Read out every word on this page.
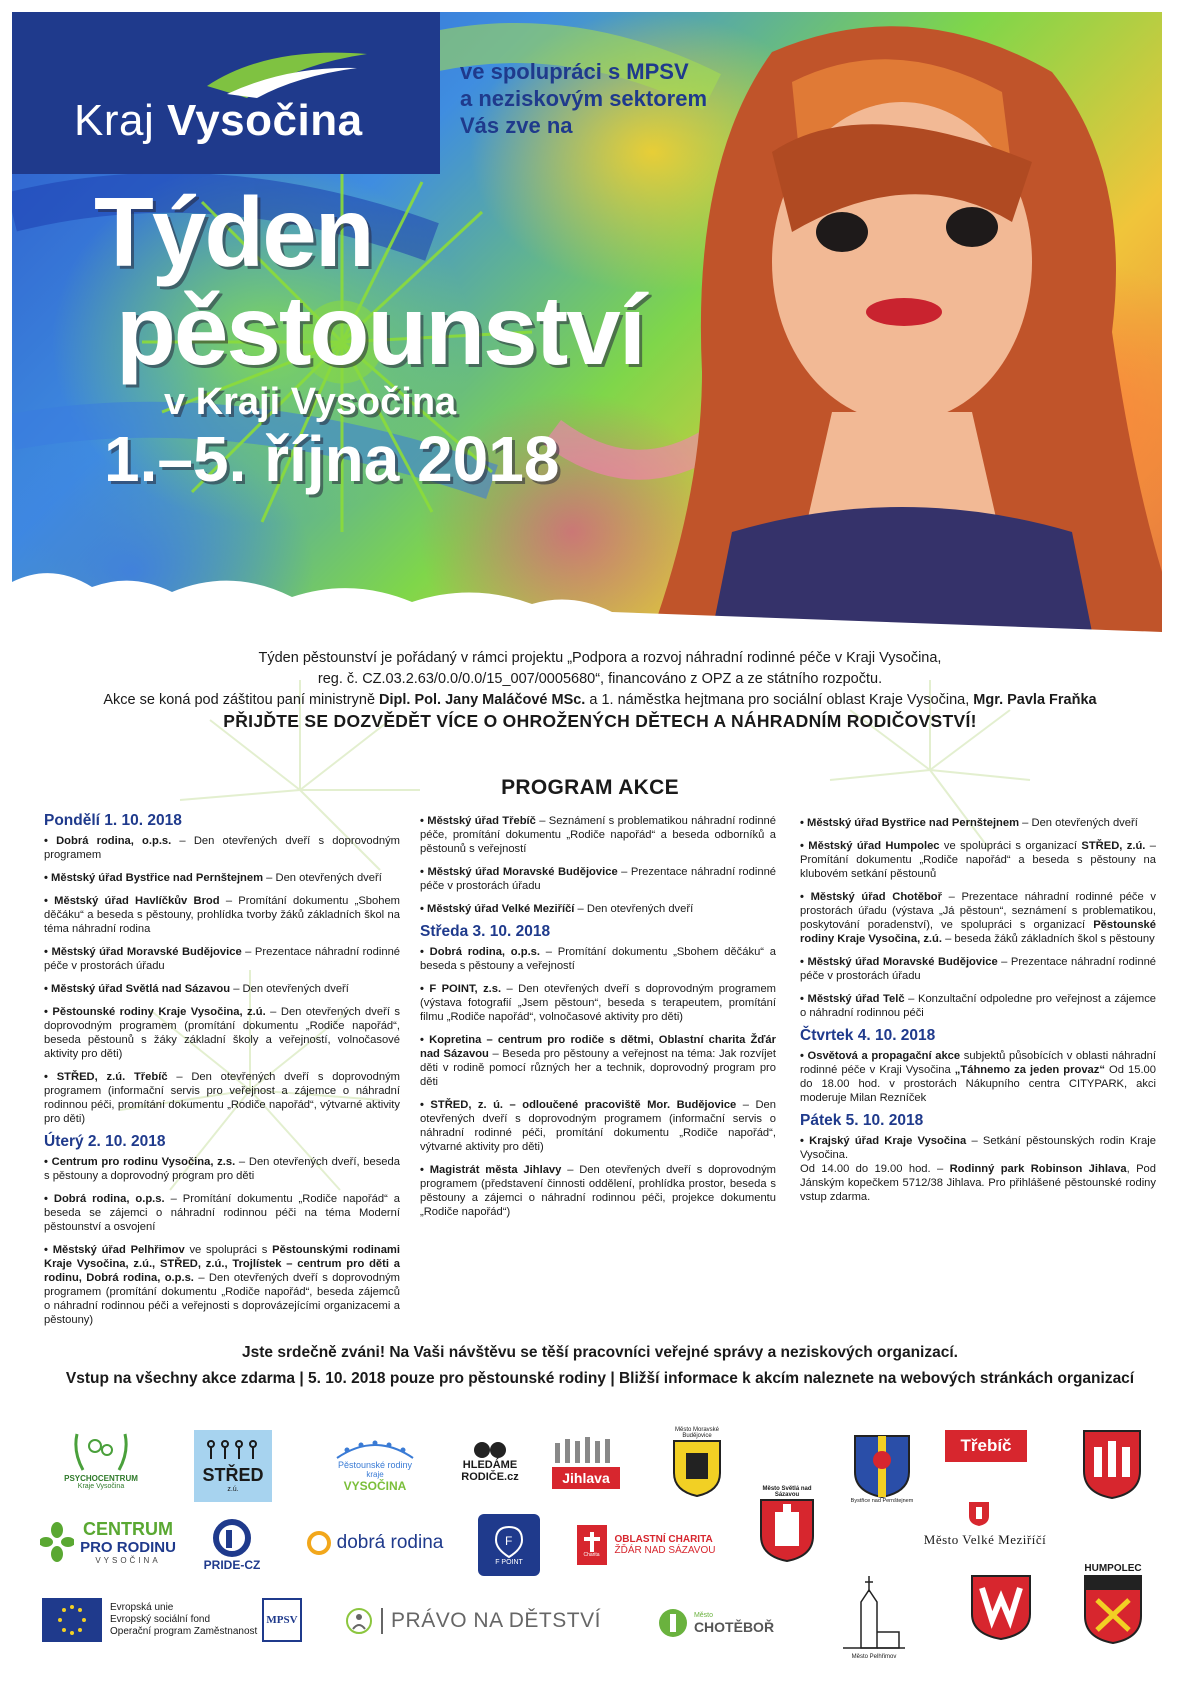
Kraj Vysočina
ve spolupráci s MPSV
a neziskovým sektorem
Vás zve na
Týden
pěstounství
v Kraji Vysočina
1.–5. října 2018

Týden pěstounství je pořádaný v rámci projektu „Podpora a rozvoj náhradní rodinné péče v Kraji Vysočina,

reg. č. CZ.03.2.63/0.0/0.0/15_007/0005680“, financováno z OPZ a ze státního rozpočtu.

Akce se koná pod záštitou paní ministryně Dipl. Pol. Jany Maláčové MSc. a 1. náměstka hejtmana pro sociální oblast Kraje Vysočina, Mgr. Pavla Fraňka

PŘIJĎTE SE DOZVĚDĚT VÍCE O OHROŽENÝCH DĚTECH A NÁHRADNÍM RODIČOVSTVÍ!

PROGRAM AKCE
Pondělí 1. 10. 2018
• Dobrá rodina, o.p.s. – Den otevřených dveří s doprovodným programem
• Městský úřad Bystřice nad Pernštejnem – Den otevřených dveří
• Městský úřad Havlíčkův Brod – Promítání dokumentu „Sbohem děčáku“ a beseda s pěstouny, prohlídka tvorby žáků základních škol na téma náhradní rodina
• Městský úřad Moravské Budějovice – Prezentace náhradní rodinné péče v prostorách úřadu
• Městský úřad Světlá nad Sázavou – Den otevřených dveří
• Pěstounské rodiny Kraje Vysočina, z.ú. – Den otevřených dveří s doprovodným programem (promítání dokumentu „Rodiče napořád“, beseda pěstounů s žáky základní školy a veřejností, volnočasové aktivity pro děti)
• STŘED, z.ú. Třebíč – Den otevřených dveří s doprovodným programem (informační servis pro veřejnost a zájemce o náhradní rodinnou péči, promítání dokumentu „Rodiče napořád“, výtvarné aktivity pro děti)
Úterý 2. 10. 2018
• Centrum pro rodinu Vysočina, z.s. – Den otevřených dveří, beseda s pěstouny a doprovodný program pro děti
• Dobrá rodina, o.p.s. – Promítání dokumentu „Rodiče napořád“ a beseda se zájemci o náhradní rodinnou péči na téma Moderní pěstounství a osvojení
• Městský úřad Pelhřimov ve spolupráci s Pěstounskými rodinami Kraje Vysočina, z.ú., STŘED, z.ú., Trojlístek – centrum pro děti a rodinu, Dobrá rodina, o.p.s. – Den otevřených dveří s doprovodným programem (promítání dokumentu „Rodiče napořád“, beseda zájemců o náhradní rodinnou péči a veřejnosti s doprovázejícími organizacemi a pěstouny)
• Městský úřad Třebíč – Seznámení s problematikou náhradní rodinné péče, promítání dokumentu „Rodiče napořád“ a beseda odborníků a pěstounů s veřejností
• Městský úřad Moravské Budějovice – Prezentace náhradní rodinné péče v prostorách úřadu
• Městský úřad Velké Meziříčí – Den otevřených dveří
Středa 3. 10. 2018
• Dobrá rodina, o.p.s. – Promítání dokumentu „Sbohem děčáku“ a beseda s pěstouny a veřejností
• F POINT, z.s. – Den otevřených dveří s doprovodným programem (výstava fotografií „Jsem pěstoun“, beseda s terapeutem, promítání filmu „Rodiče napořád“, volnočasové aktivity pro děti)
• Kopretina – centrum pro rodiče s dětmi, Oblastní charita Žďár nad Sázavou – Beseda pro pěstouny a veřejnost na téma: Jak rozvíjet děti v rodině pomocí různých her a technik, doprovodný program pro děti
• STŘED, z. ú. – odloučené pracoviště Mor. Budějovice – Den otevřených dveří s doprovodným programem (informační servis o náhradní rodinné péči, promítání dokumentu „Rodiče napořád“, výtvarné aktivity pro děti)
• Magistrát města Jihlavy – Den otevřených dveří s doprovodným programem (představení činnosti oddělení, prohlídka prostor, beseda s pěstouny a zájemci o náhradní rodinnou péči, projekce dokumentu „Rodiče napořád“)
• Městský úřad Bystřice nad Pernštejnem – Den otevřených dveří
• Městský úřad Humpolec ve spolupráci s organizací STŘED, z.ú. – Promítání dokumentu „Rodiče napořád“ a beseda s pěstouny na klubovém setkání pěstounů
• Městský úřad Chotěboř – Prezentace náhradní rodinné péče v prostorách úřadu (výstava „Já pěstoun“, seznámení s problematikou, poskytování poradenství), ve spolupráci s organizací Pěstounské rodiny Kraje Vysočina, z.ú. – beseda žáků základních škol s pěstouny
• Městský úřad Moravské Budějovice – Prezentace náhradní rodinné péče v prostorách úřadu
• Městský úřad Telč – Konzultační odpoledne pro veřejnost a zájemce o náhradní rodinnou péči
Čtvrtek 4. 10. 2018
• Osvětová a propagační akce subjektů působících v oblasti náhradní rodinné péče v Kraji Vysočina „Táhnemo za jeden provaz“ Od 15.00 do 18.00 hod. v prostorách Nákupního centra CITYPARK, akci moderuje Milan Rezníček
Pátek 5. 10. 2018
• Krajský úřad Kraje Vysočina – Setkání pěstounských rodin Kraje Vysočina.
Od 14.00 do 19.00 hod. – Rodinný park Robinson Jihlava, Pod Jánským kopečkem 5712/38 Jihlava. Pro přihlášené pěstounské rodiny vstup zdarma.
Jste srdečně zváni! Na Vaši návštěvu se těší pracovníci veřejné správy a neziskových organizací.
Vstup na všechny akce zdarma | 5. 10. 2018 pouze pro pěstounské rodiny | Bližší informace k akcím naleznete na webových stránkách organizací
PSYCHOCENTRUM
Kraje Vysočina
STŘED
z.ú.
Pěstounské rodiny
kraje
VYSOČINA
HLEDÁME
RODIČE.cz	Jihlava
Město Moravské Budějovice
Bystřice nad Pernštejnem
Třebíč
CENTRUM
PRO RODINU
VYSOČINA	PRIDE-CZ
dobrá rodina	F
F POINT
Charita
OBLASTNÍ CHARITA
ŽĎÁR NAD SÁZAVOU
Město Světlá nad Sázavou
Město Velké Meziříčí
Evropská unie
Evropský sociální fond
Operační program Zaměstnanost
MPSV	PRÁVO NA DĚTSTVÍ	Město
CHOTĚBOŘ
Město Pelhřimov
HUMPOLEC
